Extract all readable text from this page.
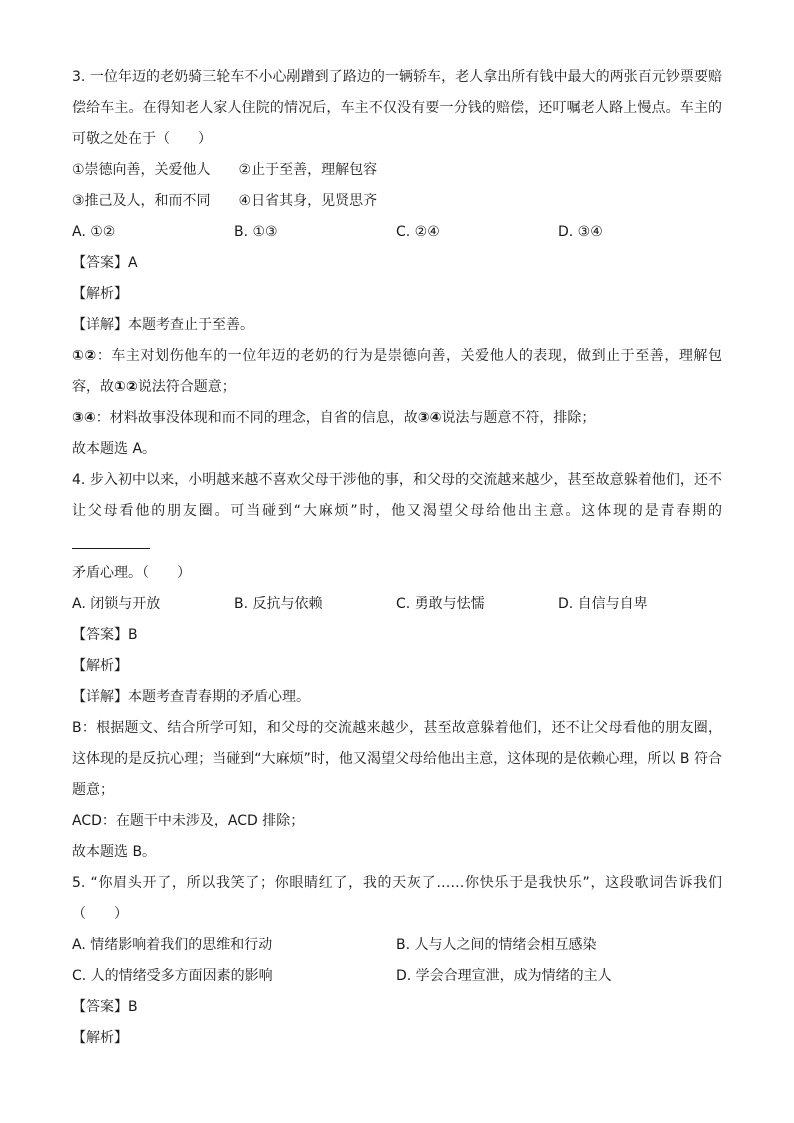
3. 一位年迈的老奶骑三轮车不小心剐蹭到了路边的一辆轿车，老人拿出所有钱中最大的两张百元钞票要赔偿给车主。在得知老人家人住院的情况后，车主不仅没有要一分钱的赔偿，还叮嘱老人路上慢点。车主的可敬之处在于（　　）
①崇德向善，关爱他人　　②止于至善，理解包容
③推己及人，和而不同　　④日省其身，见贤思齐
A. ①②	B. ①③	C. ②④	D. ③④
【答案】A
【解析】
【详解】本题考查止于至善。
①②：车主对划伤他车的一位年迈的老奶的行为是崇德向善，关爱他人的表现，做到止于至善，理解包容，故①②说法符合题意；
③④：材料故事没体现和而不同的理念，自省的信息，故③④说法与题意不符，排除；
故本题选 A。
4. 步入初中以来，小明越来越不喜欢父母干涉他的事，和父母的交流越来越少，甚至故意躲着他们，还不让父母看他的朋友圈。可当碰到“大麻烦”时，他又渴望父母给他出主意。这体现的是青春期的
矛盾心理。（　　）
A. 闭锁与开放	B. 反抗与依赖	C. 勇敢与怯懦	D. 自信与自卑
【答案】B
【解析】
【详解】本题考查青春期的矛盾心理。
B：根据题文、结合所学可知，和父母的交流越来越少，甚至故意躲着他们，还不让父母看他的朋友圈，这体现的是反抗心理；当碰到“大麻烦”时，他又渴望父母给他出主意，这体现的是依赖心理，所以 B 符合题意；
ACD：在题干中未涉及，ACD 排除；
故本题选 B。
5. “你眉头开了，所以我笑了；你眼睛红了，我的天灰了……你快乐于是我快乐”，这段歌词告诉我们（　　）
A. 情绪影响着我们的思维和行动	B. 人与人之间的情绪会相互感染
C. 人的情绪受多方面因素的影响	D. 学会合理宣泄，成为情绪的主人
【答案】B
【解析】
